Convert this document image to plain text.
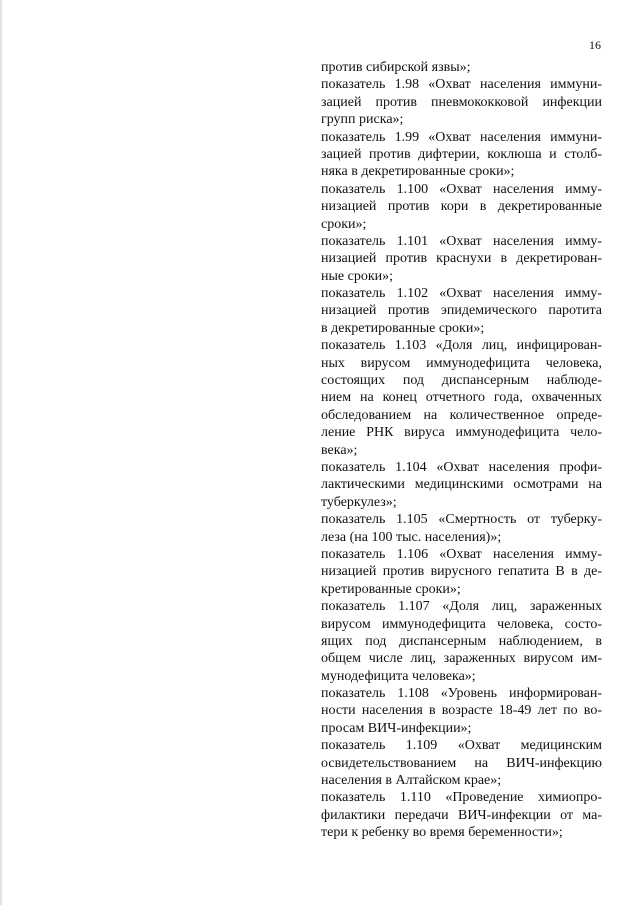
16
против сибирской язвы»;
показатель 1.98 «Охват населения иммуни-
зацией против пневмококковой инфекции
групп риска»;
показатель 1.99 «Охват населения иммуни-
зацией против дифтерии, коклюша и столб-
няка в декретированные сроки»;
показатель 1.100 «Охват населения имму-
низацией против кори в декретированные
сроки»;
показатель 1.101 «Охват населения имму-
низацией против краснухи в декретирован-
ные сроки»;
показатель 1.102 «Охват населения имму-
низацией против эпидемического паротита
в декретированные сроки»;
показатель 1.103 «Доля лиц, инфицирован-
ных вирусом иммунодефицита человека,
состоящих под диспансерным наблюде-
нием на конец отчетного года, охваченных
обследованием на количественное опреде-
ление РНК вируса иммунодефицита чело-
века»;
показатель 1.104 «Охват населения профи-
лактическими медицинскими осмотрами на
туберкулез»;
показатель 1.105 «Смертность от туберку-
леза (на 100 тыс. населения)»;
показатель 1.106 «Охват населения имму-
низацией против вирусного гепатита В в де-
кретированные сроки»;
показатель 1.107 «Доля лиц, зараженных
вирусом иммунодефицита человека, состо-
ящих под диспансерным наблюдением, в
общем числе лиц, зараженных вирусом им-
мунодефицита человека»;
показатель 1.108 «Уровень информирован-
ности населения в возрасте 18-49 лет по во-
просам ВИЧ-инфекции»;
показатель 1.109 «Охват медицинским
освидетельствованием на ВИЧ-инфекцию
населения в Алтайском крае»;
показатель 1.110 «Проведение химиопро-
филактики передачи ВИЧ-инфекции от ма-
тери к ребенку во время беременности»;
